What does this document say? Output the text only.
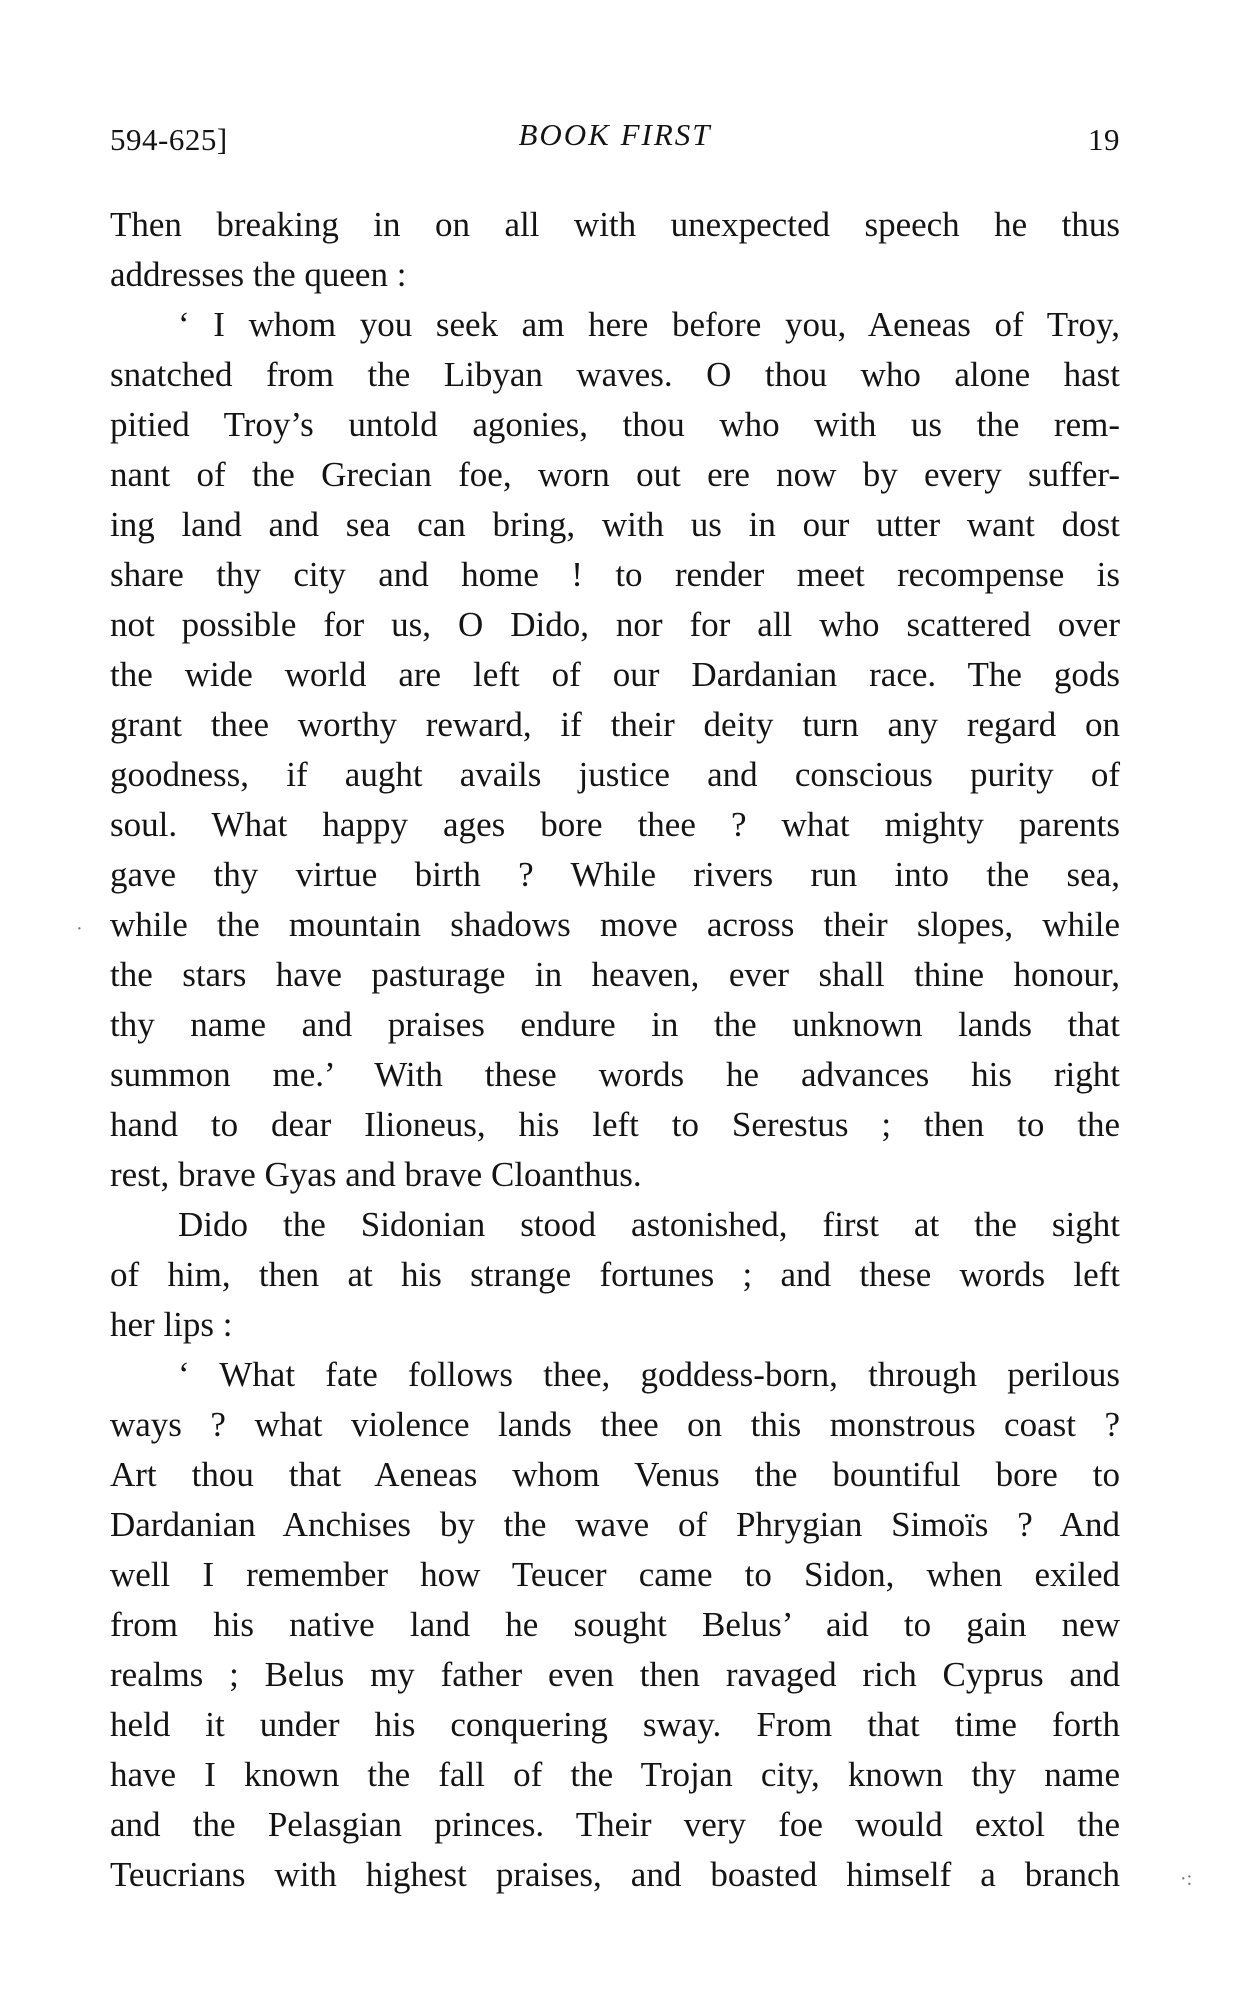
594-625]	BOOK FIRST	19
Then breaking in on all with unexpected speech he thus
addresses the queen :
‘ I whom you seek am here before you, Aeneas of Troy,
snatched from the Libyan waves. O thou who alone hast
pitied Troy’s untold agonies, thou who with us the rem-
nant of the Grecian foe, worn out ere now by every suffer-
ing land and sea can bring, with us in our utter want dost
share thy city and home ! to render meet recompense is
not possible for us, O Dido, nor for all who scattered over
the wide world are left of our Dardanian race. The gods
grant thee worthy reward, if their deity turn any regard on
goodness, if aught avails justice and conscious purity of
soul. What happy ages bore thee ? what mighty parents
gave thy virtue birth ? While rivers run into the sea,
while the mountain shadows move across their slopes, while
the stars have pasturage in heaven, ever shall thine honour,
thy name and praises endure in the unknown lands that
summon me.’ With these words he advances his right
hand to dear Ilioneus, his left to Serestus ; then to the
rest, brave Gyas and brave Cloanthus.
Dido the Sidonian stood astonished, first at the sight
of him, then at his strange fortunes ; and these words left
her lips :
‘ What fate follows thee, goddess-born, through perilous
ways ? what violence lands thee on this monstrous coast ?
Art thou that Aeneas whom Venus the bountiful bore to
Dardanian Anchises by the wave of Phrygian Simoïs ? And
well I remember how Teucer came to Sidon, when exiled
from his native land he sought Belus’ aid to gain new
realms ; Belus my father even then ravaged rich Cyprus and
held it under his conquering sway. From that time forth
have I known the fall of the Trojan city, known thy name
and the Pelasgian princes. Their very foe would extol the
Teucrians with highest praises, and boasted himself a branch
·
·:
